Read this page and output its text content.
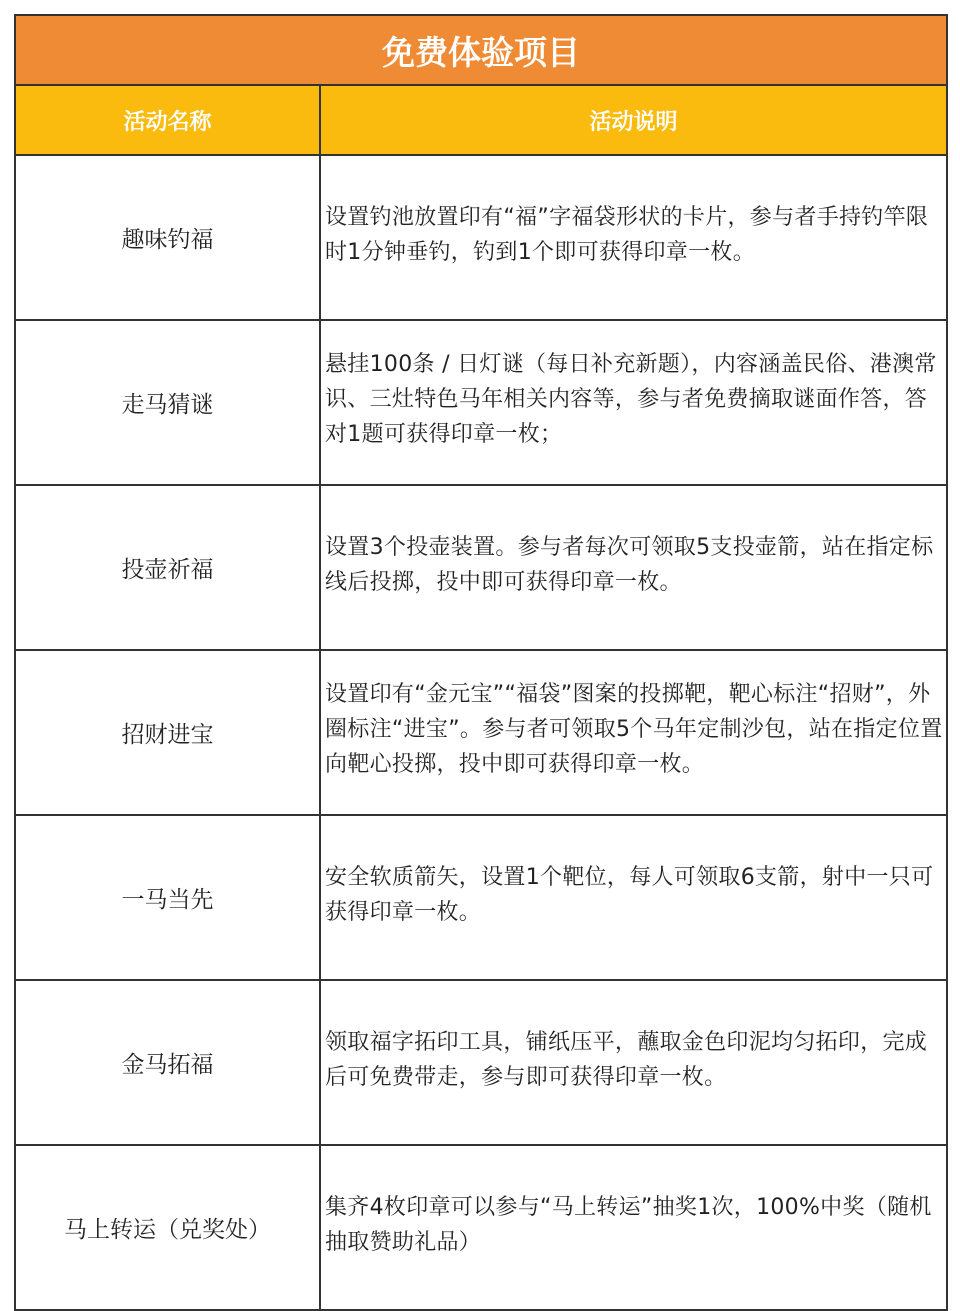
免费体验项目	
活动名称	活动说明
趣味钓福	设置钓池放置印有“福”字福袋形状的卡片，参与者手持钓竿限时1分钟垂钓，钓到1个即可获得印章一枚。
走马猜谜	悬挂100条 / 日灯谜（每日补充新题），内容涵盖民俗、港澳常识、三灶特色马年相关内容等，参与者免费摘取谜面作答，答对1题可获得印章一枚；
投壶祈福	设置3个投壶装置。参与者每次可领取5支投壶箭，站在指定标线后投掷，投中即可获得印章一枚。
招财进宝	设置印有“金元宝”“福袋”图案的投掷靶，靶心标注“招财”，外圈标注“进宝”。参与者可领取5个马年定制沙包，站在指定位置向靶心投掷，投中即可获得印章一枚。
一马当先	安全软质箭矢，设置1个靶位，每人可领取6支箭，射中一只可获得印章一枚。
金马拓福	领取福字拓印工具，铺纸压平，蘸取金色印泥均匀拓印，完成后可免费带走，参与即可获得印章一枚。
马上转运（兑奖处）	集齐4枚印章可以参与“马上转运”抽奖1次，100%中奖（随机抽取赞助礼品）
